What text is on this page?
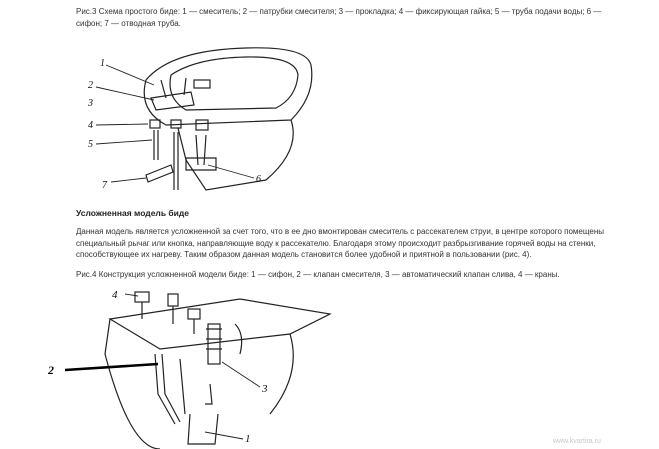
Рис.3 Схема простого биде: 1 — смеситель; 2 — патрубки смесителя; 3 — прокладка; 4 — фиксирующая гайка; 5 — труба подачи воды; 6 — сифон; 7 — отводная труба.
1
2
3
4
5
6
7
Усложненная модель биде
Данная модель является усложненной за счет того, что в ее дно вмонтирован смеситель с рассекателем струи, в центре которого помещены специальный рычаг или кнопка, направляющие воду к рассекателю. Благодаря этому происходит разбрызгивание горячей воды на стенки, способствующее их нагреву. Таким образом данная модель становится более удобной и приятной в пользовании (рис. 4).
Рис.4 Конструкция усложненной модели биде: 1 — сифон, 2 — клапан смесителя, 3 — автоматический клапан слива, 4 — краны.
1
2
3
4
www.kvartira.ru
